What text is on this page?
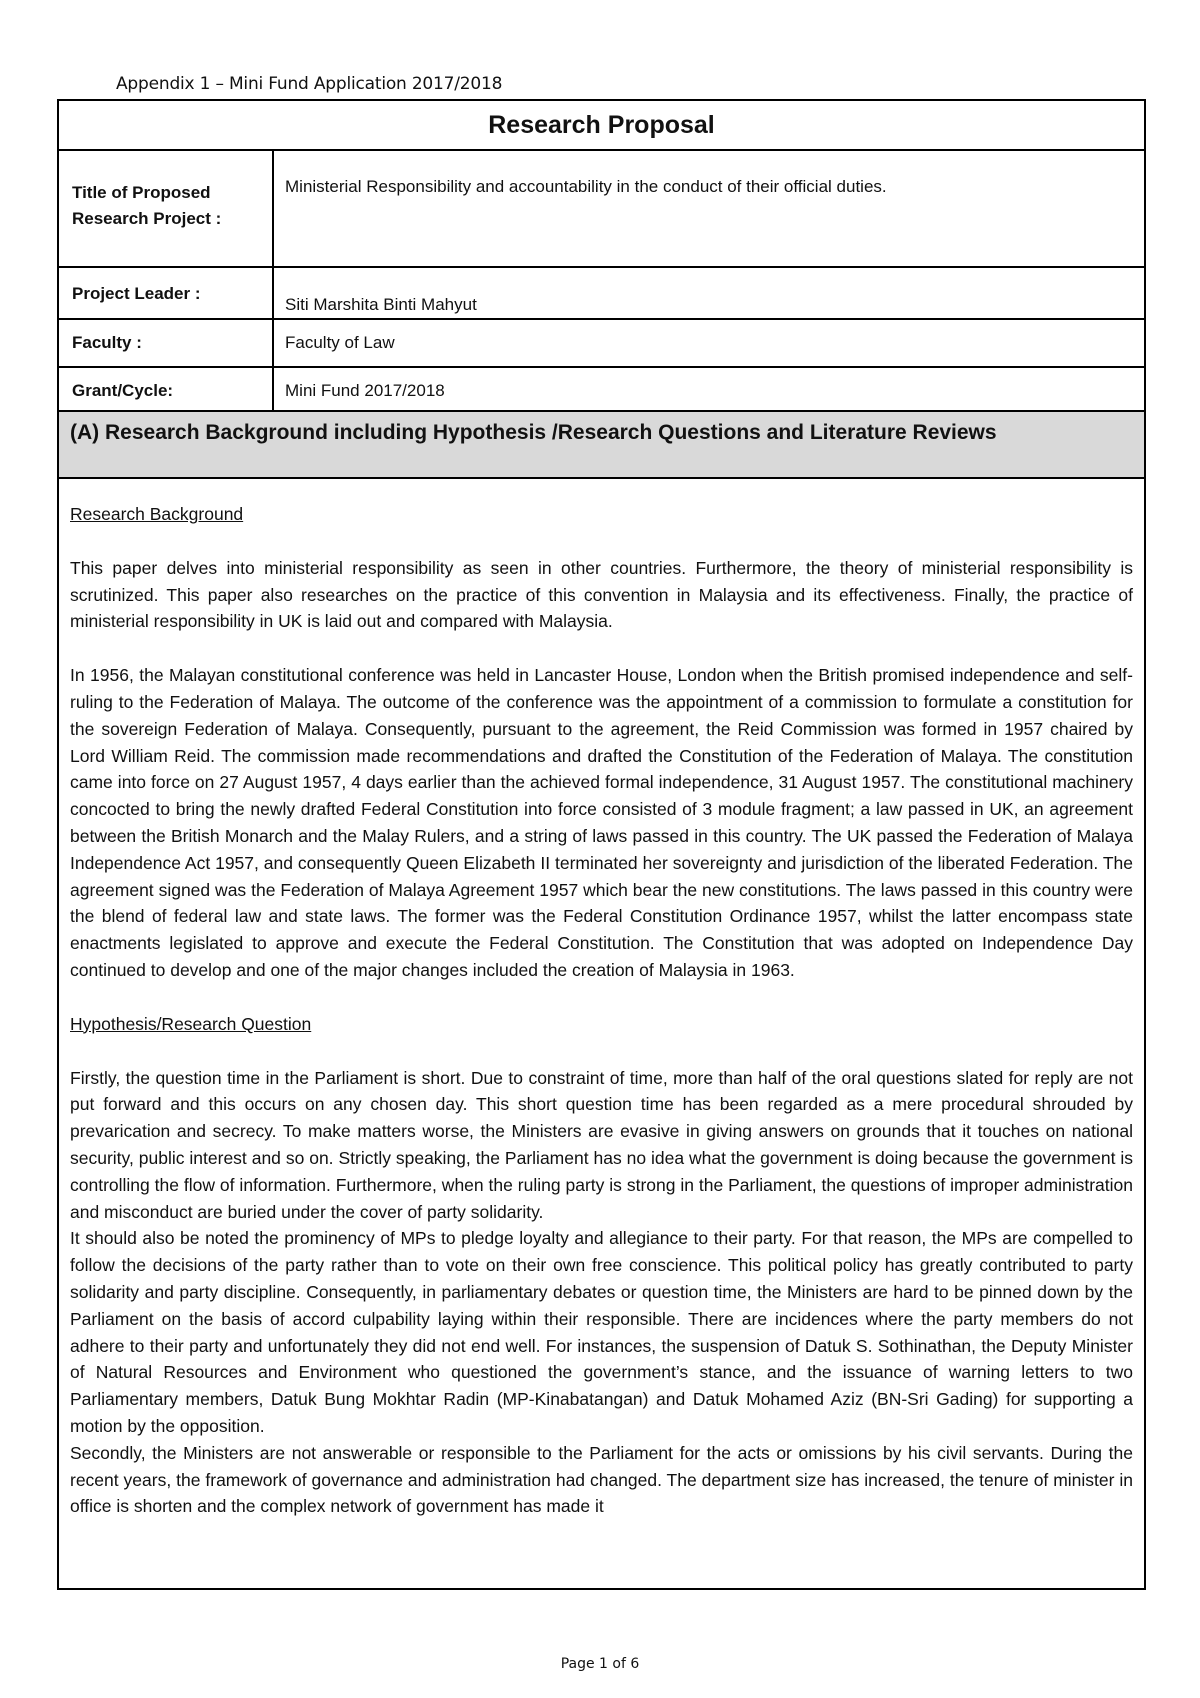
Appendix 1 – Mini Fund Application 2017/2018
Research Proposal
Title of Proposed Research Project :
Ministerial Responsibility and accountability in the conduct of their official duties.
Project Leader :
Siti Marshita Binti Mahyut
Faculty :	Faculty of Law
Grant/Cycle:	Mini Fund 2017/2018
(A) Research Background including Hypothesis /Research Questions and Literature Reviews

Research Background

This paper delves into ministerial responsibility as seen in other countries. Furthermore, the theory of ministerial responsibility is scrutinized. This paper also researches on the practice of this convention in Malaysia and its effectiveness. Finally, the practice of ministerial responsibility in UK is laid out and compared with Malaysia.

In 1956, the Malayan constitutional conference was held in Lancaster House, London when the British promised independence and self-ruling to the Federation of Malaya. The outcome of the conference was the appointment of a commission to formulate a constitution for the sovereign Federation of Malaya. Consequently, pursuant to the agreement, the Reid Commission was formed in 1957 chaired by Lord William Reid. The commission made recommendations and drafted the Constitution of the Federation of Malaya. The constitution came into force on 27 August 1957, 4 days earlier than the achieved formal independence, 31 August 1957. The constitutional machinery concocted to bring the newly drafted Federal Constitution into force consisted of 3 module fragment; a law passed in UK, an agreement between the British Monarch and the Malay Rulers, and a string of laws passed in this country. The UK passed the Federation of Malaya Independence Act 1957, and consequently Queen Elizabeth II terminated her sovereignty and jurisdiction of the liberated Federation. The agreement signed was the Federation of Malaya Agreement 1957 which bear the new constitutions. The laws passed in this country were the blend of federal law and state laws. The former was the Federal Constitution Ordinance 1957, whilst the latter encompass state enactments legislated to approve and execute the Federal Constitution. The Constitution that was adopted on Independence Day continued to develop and one of the major changes included the creation of Malaysia in 1963.

Hypothesis/Research Question

Firstly, the question time in the Parliament is short. Due to constraint of time, more than half of the oral questions slated for reply are not put forward and this occurs on any chosen day. This short question time has been regarded as a mere procedural shrouded by prevarication and secrecy. To make matters worse, the Ministers are evasive in giving answers on grounds that it touches on national security, public interest and so on. Strictly speaking, the Parliament has no idea what the government is doing because the government is controlling the flow of information. Furthermore, when the ruling party is strong in the Parliament, the questions of improper administration and misconduct are buried under the cover of party solidarity.

It should also be noted the prominency of MPs to pledge loyalty and allegiance to their party. For that reason, the MPs are compelled to follow the decisions of the party rather than to vote on their own free conscience. This political policy has greatly contributed to party solidarity and party discipline. Consequently, in parliamentary debates or question time, the Ministers are hard to be pinned down by the Parliament on the basis of accord culpability laying within their responsible. There are incidences where the party members do not adhere to their party and unfortunately they did not end well. For instances, the suspension of Datuk S. Sothinathan, the Deputy Minister of Natural Resources and Environment who questioned the government’s stance, and the issuance of warning letters to two Parliamentary members, Datuk Bung Mokhtar Radin (MP-Kinabatangan) and Datuk Mohamed Aziz (BN-Sri Gading) for supporting a motion by the opposition.

Secondly, the Ministers are not answerable or responsible to the Parliament for the acts or omissions by his civil servants. During the recent years, the framework of governance and administration had changed. The department size has increased, the tenure of minister in office is shorten and the complex network of government has made it

Page 1 of 6
